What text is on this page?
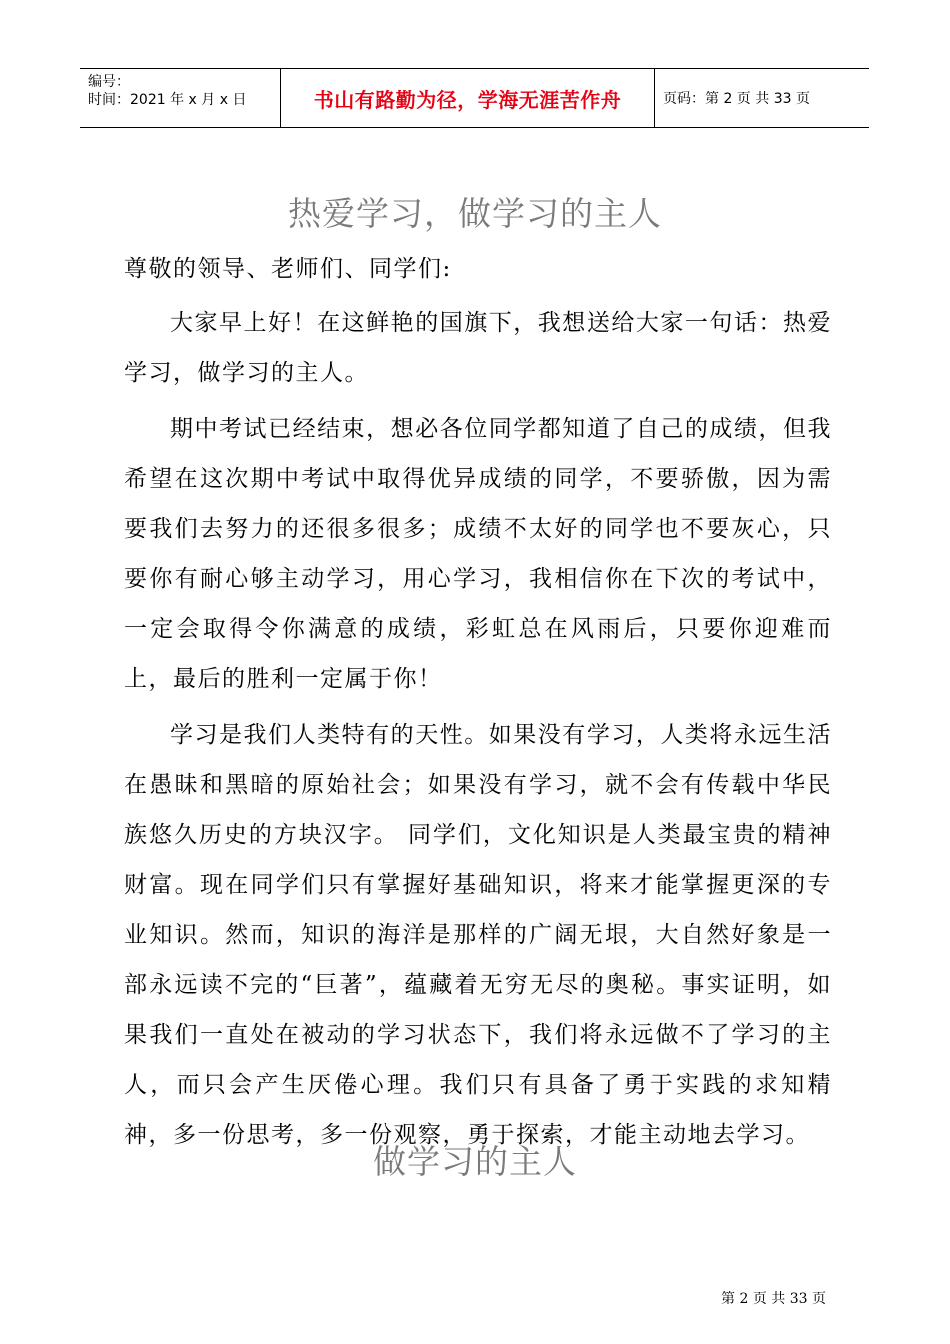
编号：
时间：2021 年 x 月 x 日	书山有路勤为径，学海无涯苦作舟	页码：第 2 页 共 33 页
热爱学习，做学习的主人

尊敬的领导、老师们、同学们:

大家早上好！在这鲜艳的国旗下，我想送给大家一句话：热爱学习，做学习的主人。

期中考试已经结束，想必各位同学都知道了自己的成绩，但我希望在这次期中考试中取得优异成绩的同学，不要骄傲，因为需要我们去努力的还很多很多；成绩不太好的同学也不要灰心，只要你有耐心够主动学习，用心学习，我相信你在下次的考试中，一定会取得令你满意的成绩，彩虹总在风雨后，只要你迎难而上，最后的胜利一定属于你！

学习是我们人类特有的天性。如果没有学习，人类将永远生活在愚昧和黑暗的原始社会；如果没有学习，就不会有传载中华民族悠久历史的方块汉字。 同学们，文化知识是人类最宝贵的精神财富。现在同学们只有掌握好基础知识，将来才能掌握更深的专业知识。然而，知识的海洋是那样的广阔无垠，大自然好象是一部永远读不完的“巨著”，蕴藏着无穷无尽的奥秘。事实证明，如果我们一直处在被动的学习状态下，我们将永远做不了学习的主人，而只会产生厌倦心理。我们只有具备了勇于实践的求知精神，多一份思考，多一份观察，勇于探索，才能主动地去学习。

做学习的主人
第 2 页 共 33 页
